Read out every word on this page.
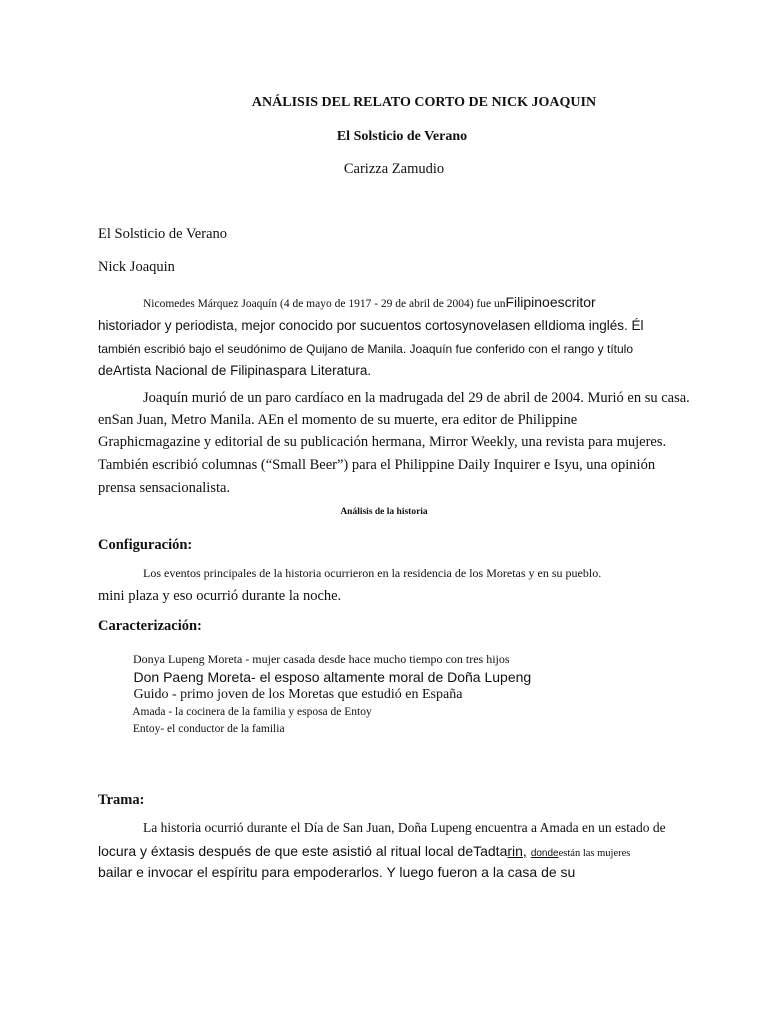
ANÁLISIS DEL RELATO CORTO DE NICK JOAQUIN
El Solsticio de Verano
Carizza Zamudio
El Solsticio de Verano
Nick Joaquin
Nicomedes Márquez Joaquín (4 de mayo de 1917 - 29 de abril de 2004) fue unFilipinoescritor
historiador y periodista, mejor conocido por sucuentos cortosynovelasen elIdioma inglés. Él
también escribió bajo el seudónimo de Quijano de Manila. Joaquín fue conferido con el rango y título
deArtista Nacional de Filipinaspara Literatura.
Joaquín murió de un paro cardíaco en la madrugada del 29 de abril de 2004. Murió en su casa.
enSan Juan, Metro Manila. AEn el momento de su muerte, era editor de Philippine
Graphicmagazine y editorial de su publicación hermana, Mirror Weekly, una revista para mujeres.
También escribió columnas (“Small Beer”) para el Philippine Daily Inquirer e Isyu, una opinión
prensa sensacionalista.
Análisis de la historia
Configuración:
Los eventos principales de la historia ocurrieron en la residencia de los Moretas y en su pueblo.
mini plaza y eso ocurrió durante la noche.
Caracterización:
Donya Lupeng Moreta - mujer casada desde hace mucho tiempo con tres hijos
Don Paeng Moreta- el esposo altamente moral de Doña Lupeng
Guido - primo joven de los Moretas que estudió en España
Amada - la cocinera de la familia y esposa de Entoy
Entoy- el conductor de la familia
Trama:
La historia ocurrió durante el Día de San Juan, Doña Lupeng encuentra a Amada en un estado de
locura y éxtasis después de que este asistió al ritual local deTadtarin, dondeestán las mujeres
bailar e invocar el espíritu para empoderarlos. Y luego fueron a la casa de su
